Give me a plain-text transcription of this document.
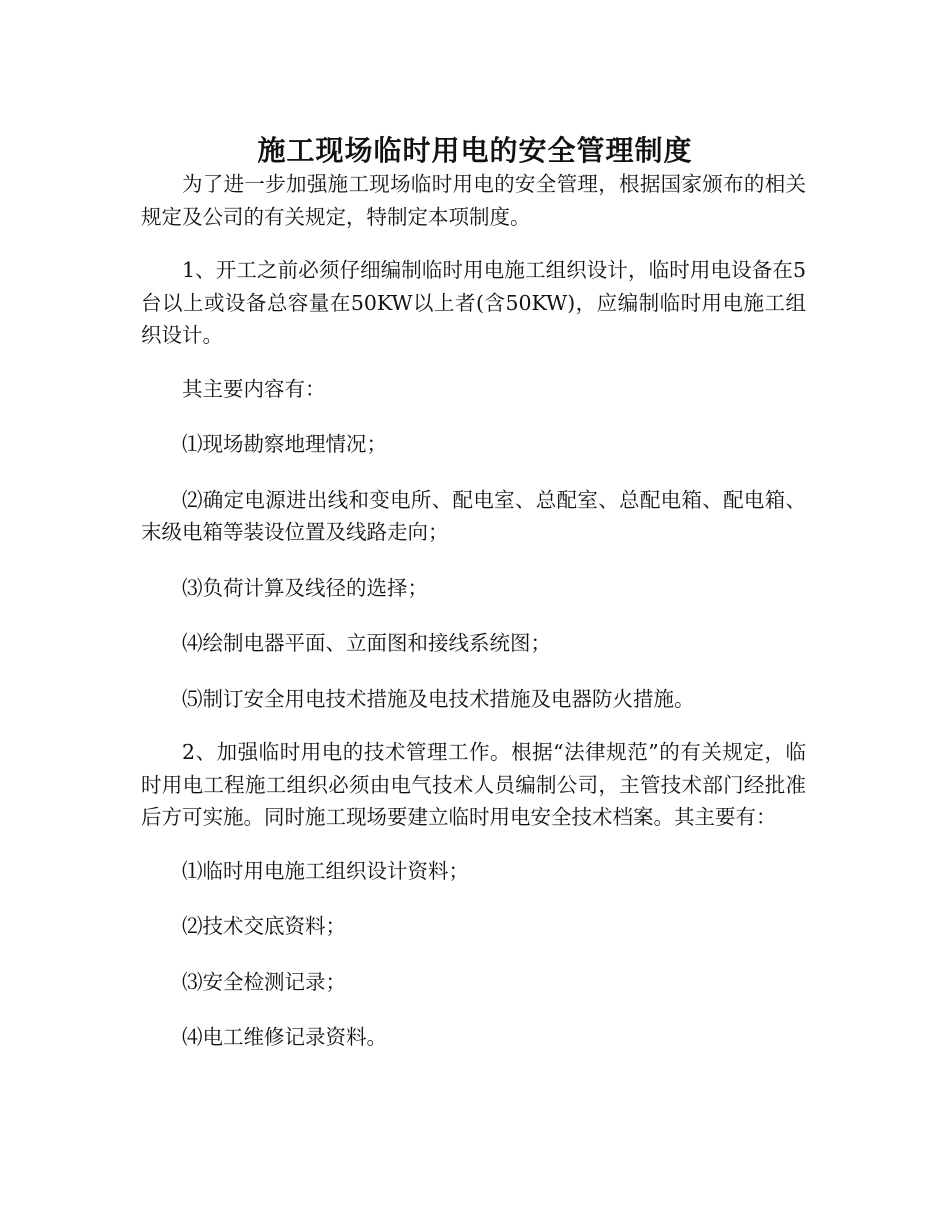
施工现场临时用电的安全管理制度

为了进一步加强施工现场临时用电的安全管理，根据国家颁布的相关规定及公司的有关规定，特制定本项制度。

1、开工之前必须仔细编制临时用电施工组织设计，临时用电设备在5台以上或设备总容量在50KW以上者(含50KW)，应编制临时用电施工组织设计。

其主要内容有：

⑴现场勘察地理情况；

⑵确定电源进出线和变电所、配电室、总配室、总配电箱、配电箱、末级电箱等装设位置及线路走向；

⑶负荷计算及线径的选择；

⑷绘制电器平面、立面图和接线系统图；

⑸制订安全用电技术措施及电技术措施及电器防火措施。

2、加强临时用电的技术管理工作。根据“法律规范”的有关规定，临时用电工程施工组织必须由电气技术人员编制公司，主管技术部门经批准后方可实施。同时施工现场要建立临时用电安全技术档案。其主要有：

⑴临时用电施工组织设计资料；

⑵技术交底资料；

⑶安全检测记录；

⑷电工维修记录资料。
